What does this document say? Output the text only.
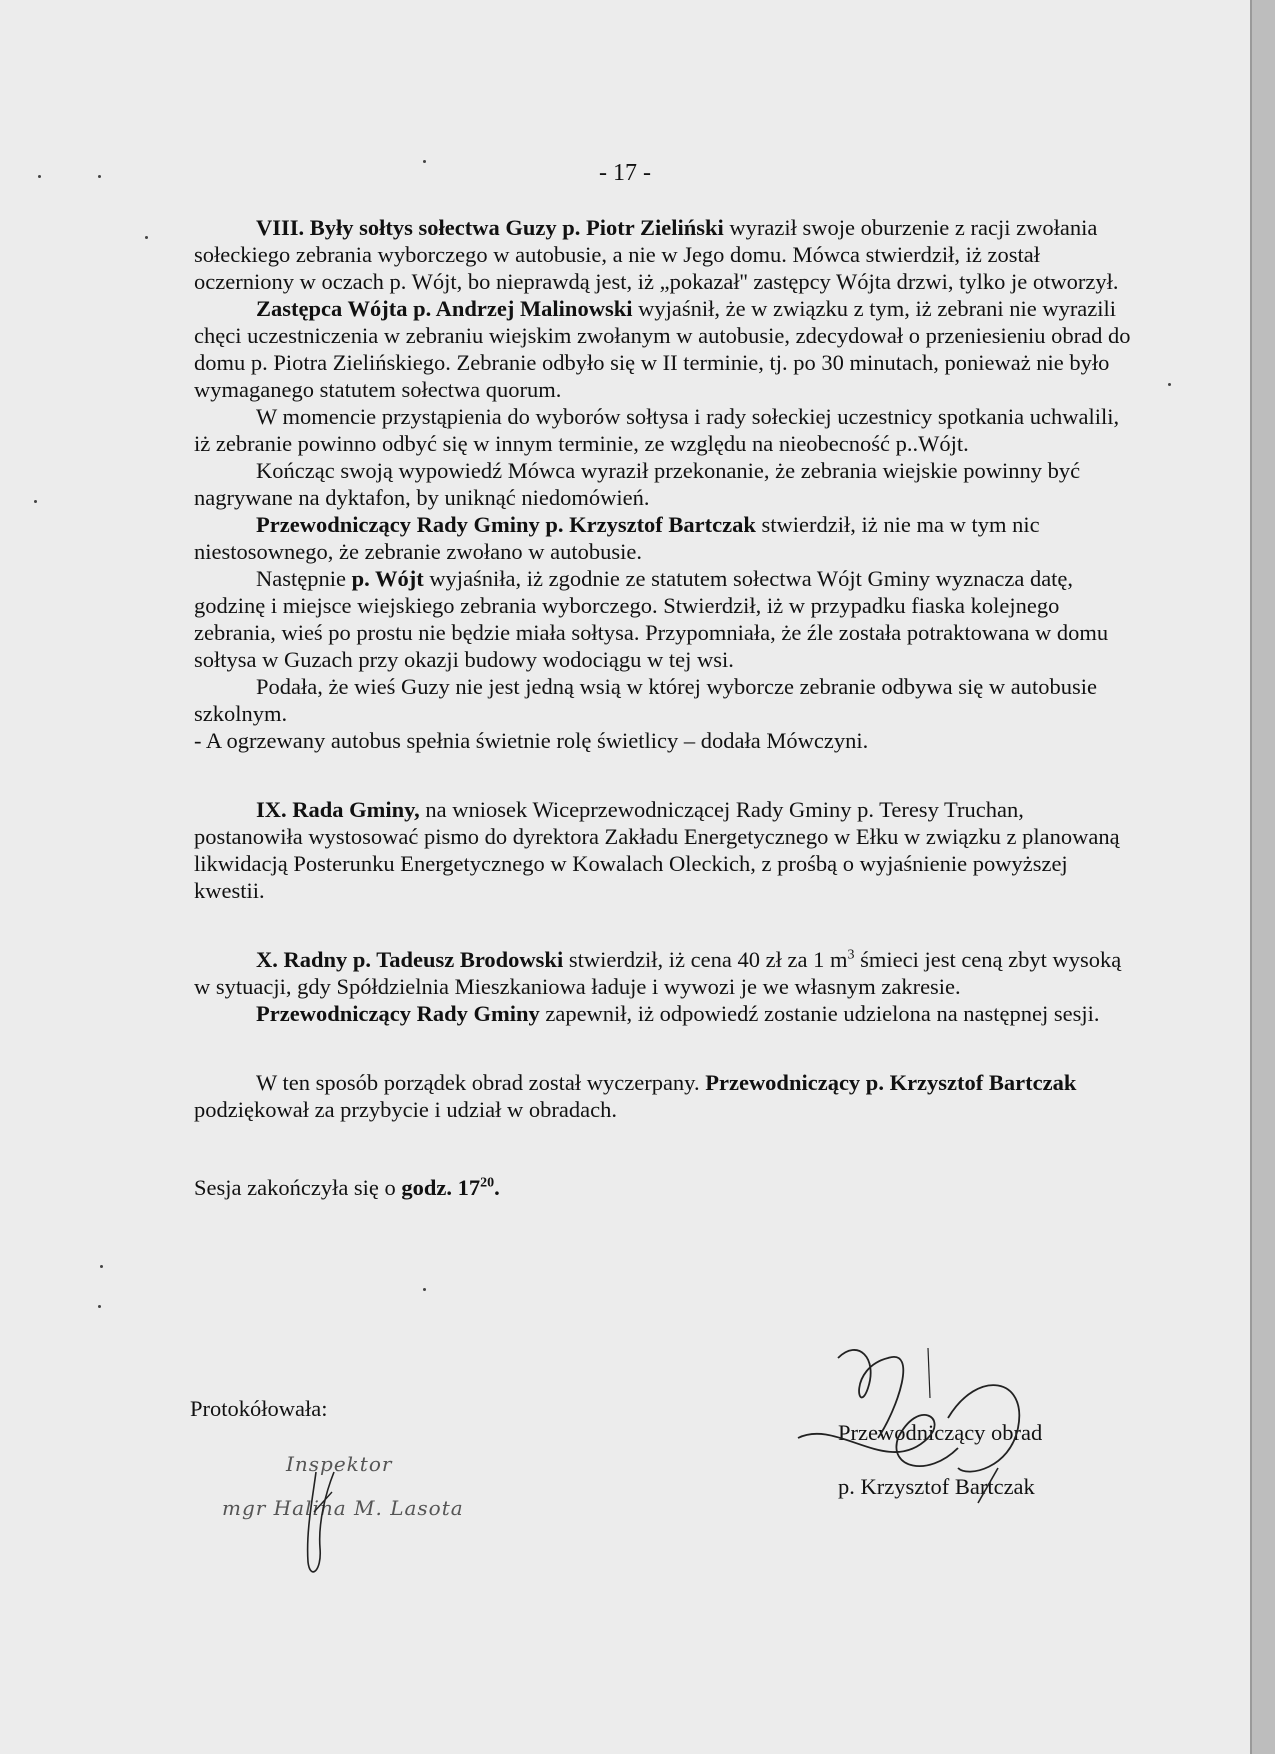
- 17 -

VIII. Były sołtys sołectwa Guzy p. Piotr Zieliński wyraził swoje oburzenie z racji zwołania sołeckiego zebrania wyborczego w autobusie, a nie w Jego domu. Mówca stwierdził, iż został oczerniony w oczach p. Wójt, bo nieprawdą jest, iż „pokazał'' zastępcy Wójta drzwi, tylko je otworzył.

Zastępca Wójta p. Andrzej Malinowski wyjaśnił, że w związku z tym, iż zebrani nie wyrazili chęci uczestniczenia w zebraniu wiejskim zwołanym w autobusie, zdecydował o przeniesieniu obrad do domu p. Piotra Zielińskiego. Zebranie odbyło się w II terminie, tj. po 30 minutach, ponieważ nie było wymaganego statutem sołectwa quorum.

W momencie przystąpienia do wyborów sołtysa i rady sołeckiej uczestnicy spotkania uchwalili, iż zebranie powinno odbyć się w innym terminie, ze względu na nieobecność p..Wójt.

Kończąc swoją wypowiedź Mówca wyraził przekonanie, że zebrania wiejskie powinny być nagrywane na dyktafon, by uniknąć niedomówień.

Przewodniczący Rady Gminy p. Krzysztof Bartczak stwierdził, iż nie ma w tym nic niestosownego, że zebranie zwołano w autobusie.

Następnie p. Wójt wyjaśniła, iż zgodnie ze statutem sołectwa Wójt Gminy wyznacza datę, godzinę i miejsce wiejskiego zebrania wyborczego. Stwierdził, iż w przypadku fiaska kolejnego zebrania, wieś po prostu nie będzie miała sołtysa. Przypomniała, że źle została potraktowana w domu sołtysa w Guzach przy okazji budowy wodociągu w tej wsi.

Podała, że wieś Guzy nie jest jedną wsią w której wyborcze zebranie odbywa się w autobusie szkolnym.

- A ogrzewany autobus spełnia świetnie rolę świetlicy – dodała Mówczyni.

IX. Rada Gminy, na wniosek Wiceprzewodniczącej Rady Gminy p. Teresy Truchan, postanowiła wystosować pismo do dyrektora Zakładu Energetycznego w Ełku w związku z planowaną likwidacją Posterunku Energetycznego w Kowalach Oleckich, z prośbą o wyjaśnienie powyższej kwestii.

X. Radny p. Tadeusz Brodowski stwierdził, iż cena 40 zł za 1 $m^3$ śmieci jest ceną zbyt wysoką w sytuacji, gdy Spółdzielnia Mieszkaniowa ładuje i wywozi je we własnym zakresie.

Przewodniczący Rady Gminy zapewnił, iż odpowiedź zostanie udzielona na następnej sesji.

W ten sposób porządek obrad został wyczerpany. Przewodniczący p. Krzysztof Bartczak podziękował za przybycie i udział w obradach.

Sesja zakończyła się o godz. $17^{20}$.

Protokółowała:
Inspektor
mgr Halina M. Lasota
Przewodniczący obrad
p. Krzysztof Bartczak
